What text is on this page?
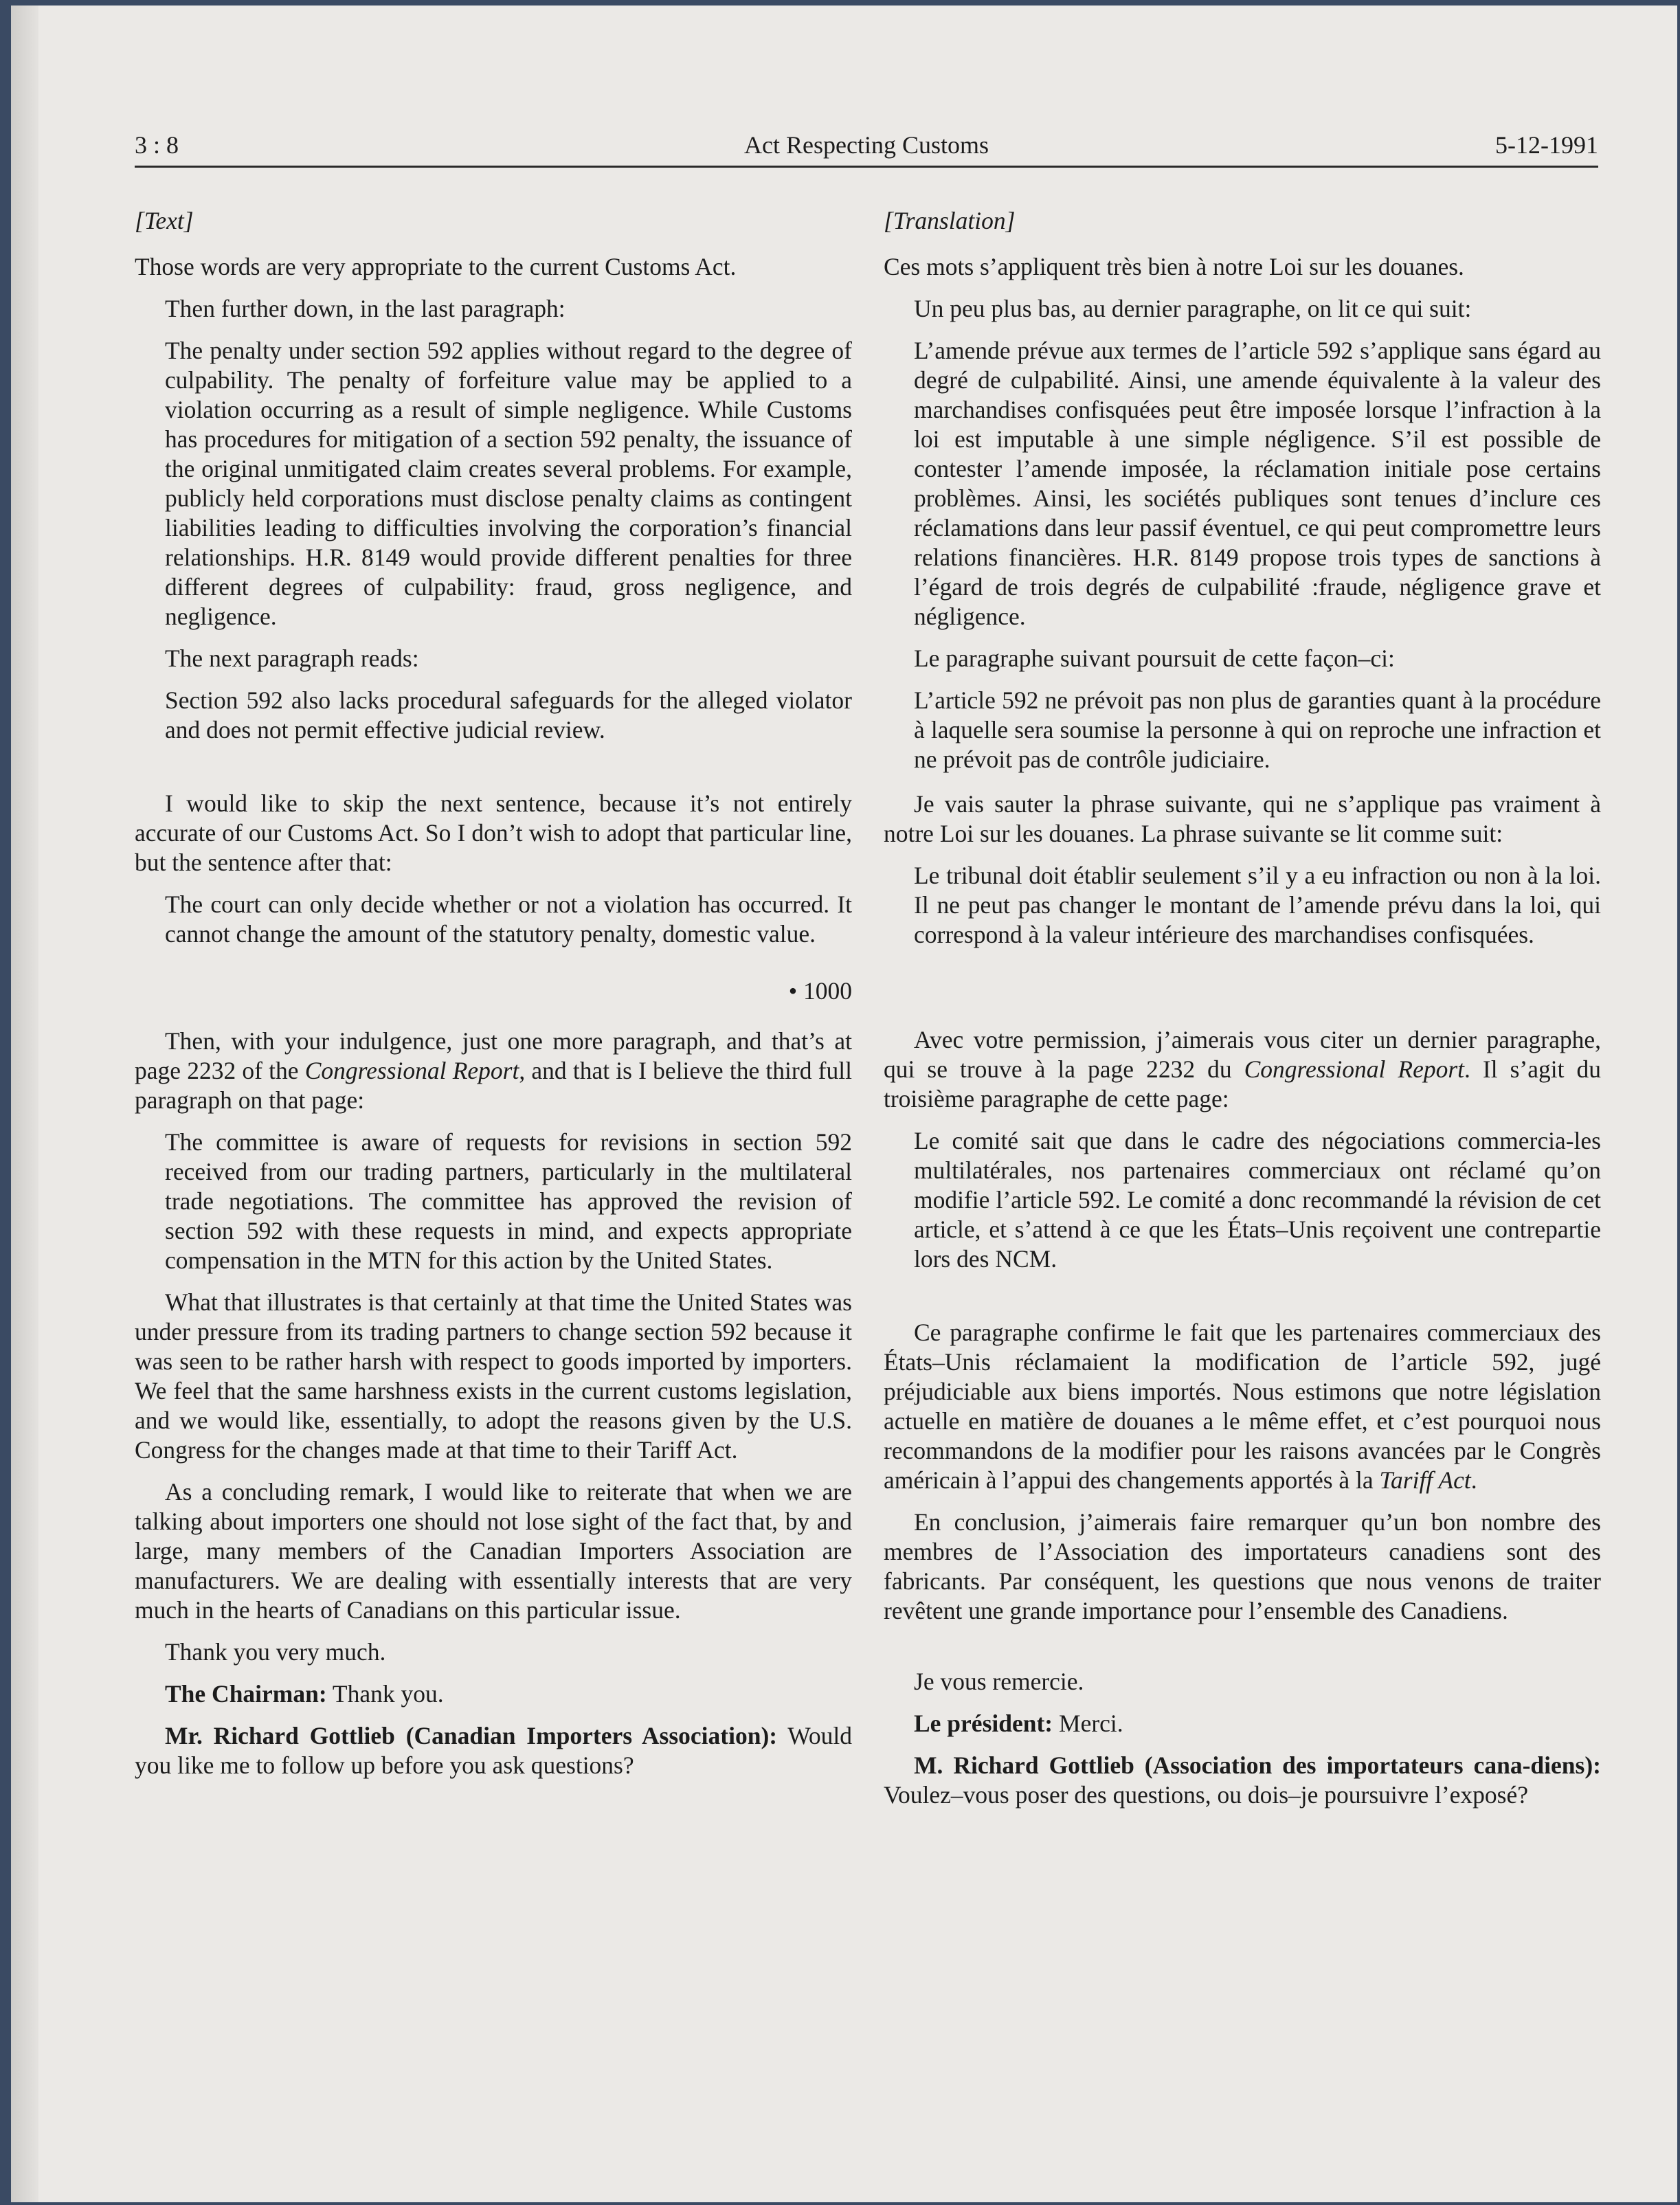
3 : 8	Act Respecting Customs	5-12-1991

[Text]

Those words are very appropriate to the current Customs Act.

Then further down, in the last paragraph:

The penalty under section 592 applies without regard to the degree of culpability. The penalty of forfeiture value may be applied to a violation occurring as a result of simple negligence. While Customs has procedures for mitigation of a section 592 penalty, the issuance of the original unmitigated claim creates several problems. For example, publicly held corporations must disclose penalty claims as contingent liabilities leading to difficulties involving the corporation’s financial relationships. H.R. 8149 would provide different penalties for three different degrees of culpability: fraud, gross negligence, and negligence.

The next paragraph reads:

Section 592 also lacks procedural safeguards for the alleged violator and does not permit effective judicial review.

I would like to skip the next sentence, because it’s not entirely accurate of our Customs Act. So I don’t wish to adopt that particular line, but the sentence after that:

The court can only decide whether or not a violation has occurred. It cannot change the amount of the statutory penalty, domestic value.

• 1000

Then, with your indulgence, just one more paragraph, and that’s at page 2232 of the Congressional Report, and that is I believe the third full paragraph on that page:

The committee is aware of requests for revisions in section 592 received from our trading partners, particularly in the multilateral trade negotiations. The committee has approved the revision of section 592 with these requests in mind, and expects appropriate compensation in the MTN for this action by the United States.

What that illustrates is that certainly at that time the United States was under pressure from its trading partners to change section 592 because it was seen to be rather harsh with respect to goods imported by importers. We feel that the same harshness exists in the current customs legislation, and we would like, essentially, to adopt the reasons given by the U.S. Congress for the changes made at that time to their Tariff Act.

As a concluding remark, I would like to reiterate that when we are talking about importers one should not lose sight of the fact that, by and large, many members of the Canadian Importers Association are manufacturers. We are dealing with essentially interests that are very much in the hearts of Canadians on this particular issue.

Thank you very much.

The Chairman: Thank you.

Mr. Richard Gottlieb (Canadian Importers Association): Would you like me to follow up before you ask questions?

[Translation]

Ces mots s’appliquent très bien à notre Loi sur les douanes.

Un peu plus bas, au dernier paragraphe, on lit ce qui suit:

L’amende prévue aux termes de l’article 592 s’applique sans égard au degré de culpabilité. Ainsi, une amende équivalente à la valeur des marchandises confisquées peut être imposée lorsque l’infraction à la loi est imputable à une simple négligence. S’il est possible de contester l’amende imposée, la réclamation initiale pose certains problèmes. Ainsi, les sociétés publiques sont tenues d’inclure ces réclamations dans leur passif éventuel, ce qui peut compromettre leurs relations financières. H.R. 8149 propose trois types de sanctions à l’égard de trois degrés de culpabilité :fraude, négligence grave et négligence.

Le paragraphe suivant poursuit de cette façon–ci:

L’article 592 ne prévoit pas non plus de garanties quant à la procédure à laquelle sera soumise la personne à qui on reproche une infraction et ne prévoit pas de contrôle judiciaire.

Je vais sauter la phrase suivante, qui ne s’applique pas vraiment à notre Loi sur les douanes. La phrase suivante se lit comme suit:

Le tribunal doit établir seulement s’il y a eu infraction ou non à la loi. Il ne peut pas changer le montant de l’amende prévu dans la loi, qui correspond à la valeur intérieure des marchandises confisquées.

Avec votre permission, j’aimerais vous citer un dernier paragraphe, qui se trouve à la page 2232 du Congressional Report. Il s’agit du troisième paragraphe de cette page:

Le comité sait que dans le cadre des négociations commercia-les multilatérales, nos partenaires commerciaux ont réclamé qu’on modifie l’article 592. Le comité a donc recommandé la révision de cet article, et s’attend à ce que les États–Unis reçoivent une contrepartie lors des NCM.

Ce paragraphe confirme le fait que les partenaires commerciaux des États–Unis réclamaient la modification de l’article 592, jugé préjudiciable aux biens importés. Nous estimons que notre législation actuelle en matière de douanes a le même effet, et c’est pourquoi nous recommandons de la modifier pour les raisons avancées par le Congrès américain à l’appui des changements apportés à la Tariff Act.

En conclusion, j’aimerais faire remarquer qu’un bon nombre des membres de l’Association des importateurs canadiens sont des fabricants. Par conséquent, les questions que nous venons de traiter revêtent une grande importance pour l’ensemble des Canadiens.

Je vous remercie.

Le président: Merci.

M. Richard Gottlieb (Association des importateurs cana-diens): Voulez–vous poser des questions, ou dois–je poursuivre l’exposé?
